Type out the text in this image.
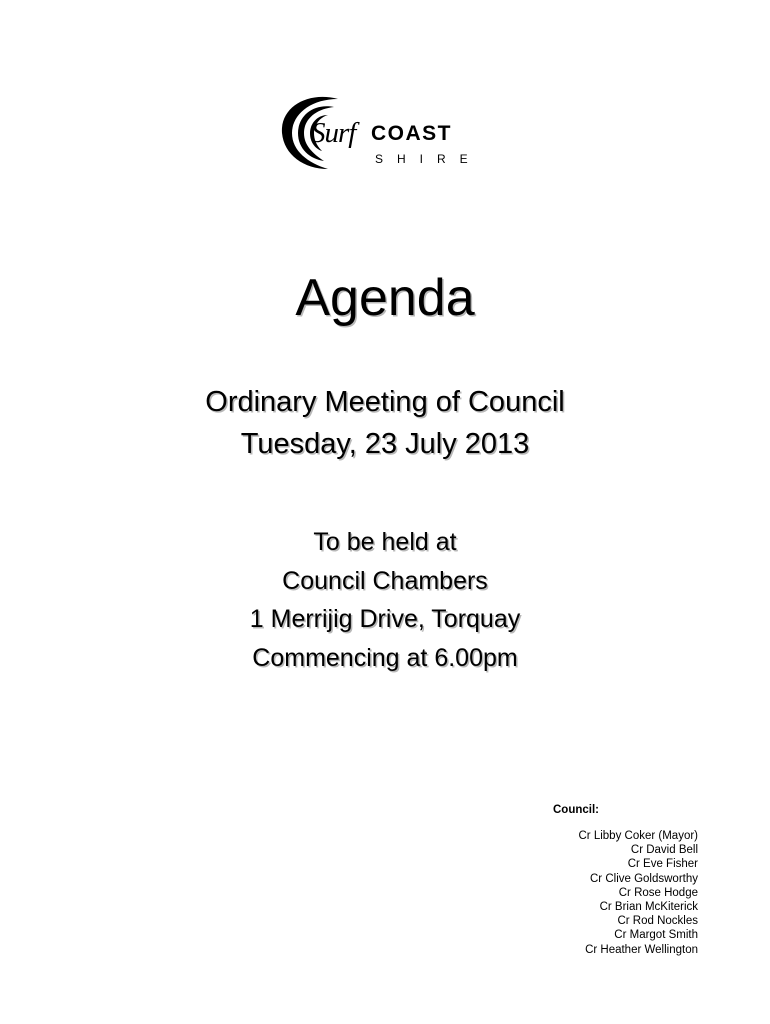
COAST
SHIRE
Surf
Agenda
Ordinary Meeting of Council
Tuesday, 23 July 2013
To be held at
Council Chambers
1 Merrijig Drive, Torquay
Commencing at 6.00pm
Council:
Cr Libby Coker (Mayor)
Cr David Bell
Cr Eve Fisher
Cr Clive Goldsworthy
Cr Rose Hodge
Cr Brian McKiterick
Cr Rod Nockles
Cr Margot Smith
Cr Heather Wellington
